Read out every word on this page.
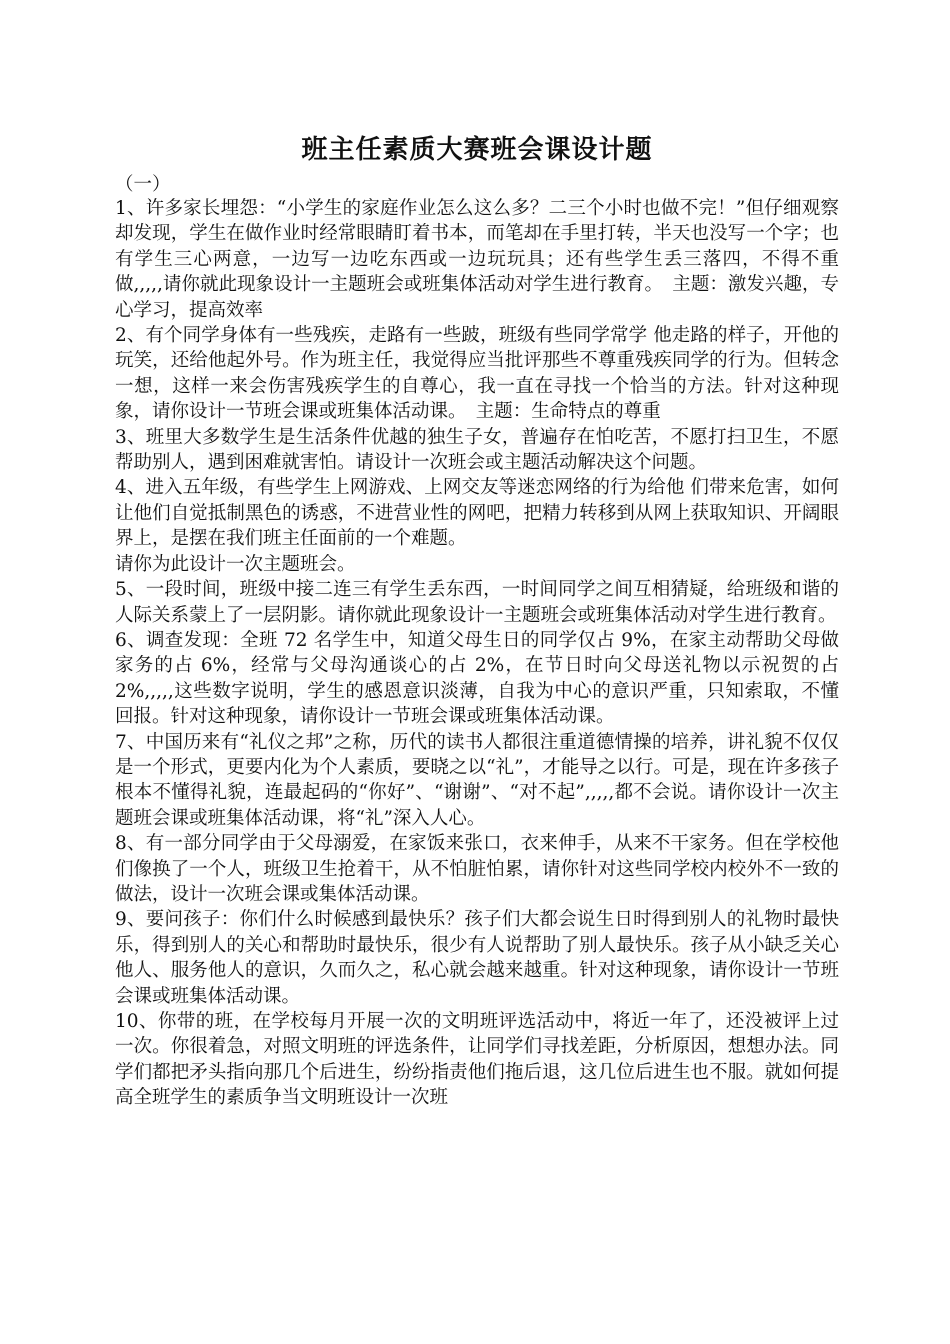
班主任素质大赛班会课设计题

（一）

1、许多家长埋怨：“小学生的家庭作业怎么这么多？二三个小时也做不完！”但仔细观察却发现，学生在做作业时经常眼睛盯着书本，而笔却在手里打转，半天也没写一个字；也有学生三心两意，一边写一边吃东西或一边玩玩具；还有些学生丢三落四，不得不重做,,,,,请你就此现象设计一主题班会或班集体活动对学生进行教育。　主题：激发兴趣，专心学习，提高效率

2、有个同学身体有一些残疾，走路有一些跛，班级有些同学常学 他走路的样子，开他的玩笑，还给他起外号。作为班主任，我觉得应当批评那些不尊重残疾同学的行为。但转念一想，这样一来会伤害残疾学生的自尊心，我一直在寻找一个恰当的方法。针对这种现象，请你设计一节班会课或班集体活动课。　主题：生命特点的尊重

3、班里大多数学生是生活条件优越的独生子女，普遍存在怕吃苦，不愿打扫卫生，不愿帮助别人，遇到困难就害怕。请设计一次班会或主题活动解决这个问题。

4、进入五年级，有些学生上网游戏、上网交友等迷恋网络的行为给他 们带来危害，如何让他们自觉抵制黑色的诱惑，不进营业性的网吧，把精力转移到从网上获取知识、开阔眼界上，是摆在我们班主任面前的一个难题。

请你为此设计一次主题班会。

5、一段时间，班级中接二连三有学生丢东西，一时间同学之间互相猜疑，给班级和谐的人际关系蒙上了一层阴影。请你就此现象设计一主题班会或班集体活动对学生进行教育。

6、调查发现：全班 72 名学生中，知道父母生日的同学仅占 9%，在家主动帮助父母做家务的占 6%，经常与父母沟通谈心的占 2%，在节日时向父母送礼物以示祝贺的占 2%,,,,,这些数字说明，学生的感恩意识淡薄，自我为中心的意识严重，只知索取，不懂回报。针对这种现象，请你设计一节班会课或班集体活动课。

7、中国历来有“礼仪之邦”之称，历代的读书人都很注重道德情操的培养，讲礼貌不仅仅是一个形式，更要内化为个人素质，要晓之以“礼”，才能导之以行。可是，现在许多孩子根本不懂得礼貌，连最起码的“你好”、“谢谢”、“对不起”,,,,,都不会说。请你设计一次主题班会课或班集体活动课，将“礼”深入人心。

8、有一部分同学由于父母溺爱，在家饭来张口，衣来伸手，从来不干家务。但在学校他们像换了一个人，班级卫生抢着干，从不怕脏怕累，请你针对这些同学校内校外不一致的做法，设计一次班会课或集体活动课。

9、要问孩子：你们什么时候感到最快乐？孩子们大都会说生日时得到别人的礼物时最快乐，得到别人的关心和帮助时最快乐，很少有人说帮助了别人最快乐。孩子从小缺乏关心他人、服务他人的意识，久而久之，私心就会越来越重。针对这种现象，请你设计一节班会课或班集体活动课。

10、你带的班，在学校每月开展一次的文明班评选活动中，将近一年了，还没被评上过一次。你很着急，对照文明班的评选条件，让同学们寻找差距，分析原因，想想办法。同学们都把矛头指向那几个后进生，纷纷指责他们拖后退，这几位后进生也不服。就如何提高全班学生的素质争当文明班设计一次班
